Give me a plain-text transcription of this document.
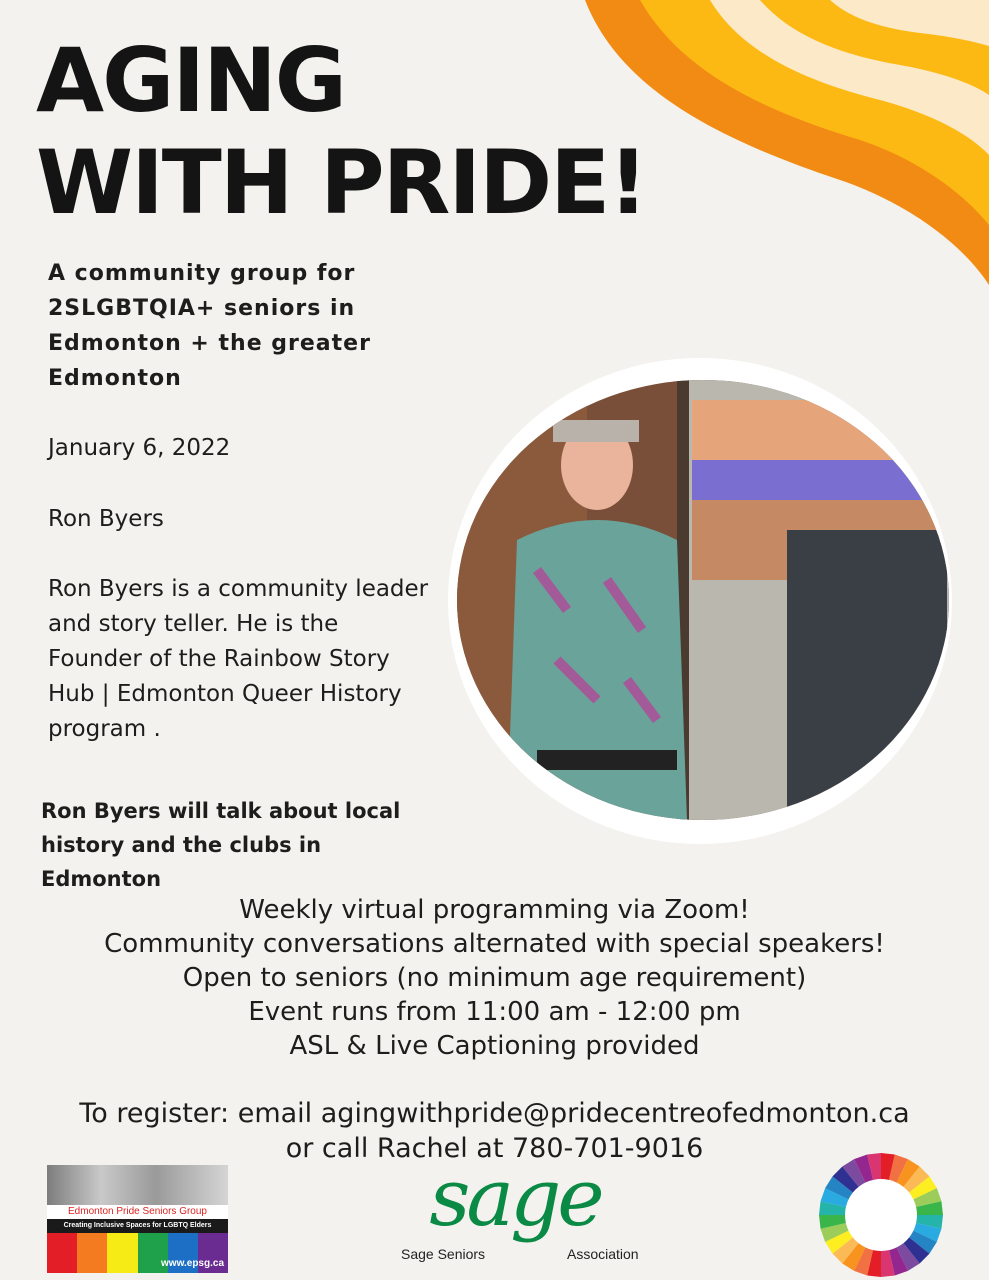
AGING
WITH PRIDE!
A community group for 2SLGBTQIA+ seniors in Edmonton + the greater Edmonton
January 6, 2022
Ron Byers
Ron Byers is a community leader and story teller. He is the Founder of the Rainbow Story Hub | Edmonton Queer History program .
Ron Byers will talk about local history and the clubs in Edmonton
Weekly virtual programming via Zoom!
Community conversations alternated with special speakers!
Open to seniors (no minimum age requirement)
Event runs from 11:00 am - 12:00 pm
ASL & Live Captioning provided
To register: email agingwithpride@pridecentreofedmonton.ca
or call Rachel at 780-701-9016
Edmonton Pride Seniors Group
Creating Inclusive Spaces for LGBTQ Elders
www.epsg.ca
sage
Sage Seniors	Association
